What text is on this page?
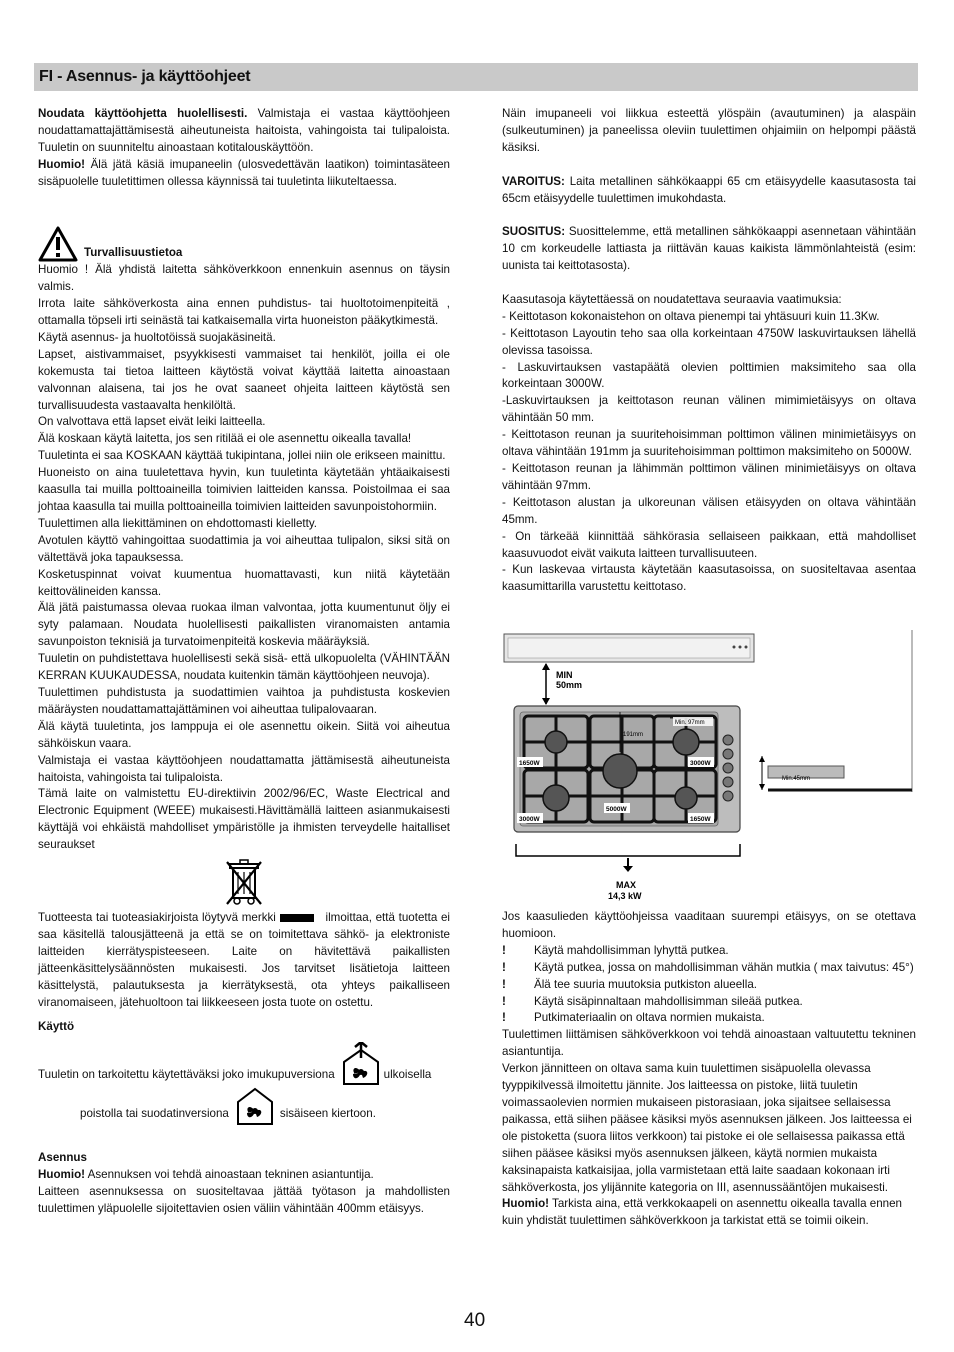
FI - Asennus- ja käyttöohjeet

Noudata käyttöohjetta huolellisesti. Valmistaja ei vastaa käyttöohjeen noudattamattajättämisestä aiheutuneista haitoista, vahingoista tai tulipaloista. Tuuletin on suunniteltu ainoastaan kotitalouskäyttöön.

Huomio! Älä jätä käsiä imupaneelin (ulosvedettävän laatikon) toimintasäteen sisäpuolelle tuuletittimen ollessa käynnissä tai tuuletinta liikuteltaessa.

Turvallisuustietoa

Huomio ! Älä yhdistä laitetta sähköverkkoon ennenkuin asennus on täysin valmis.

Irrota laite sähköverkosta aina ennen puhdistus- tai huoltotoimenpiteitä , ottamalla töpseli irti seinästä tai katkaisemalla virta huoneiston pääkytkimestä.

Käytä asennus- ja huoltotöissä suojakäsineitä.

Lapset, aistivammaiset, psyykkisesti vammaiset tai henkilöt, joilla ei ole kokemusta tai tietoa laitteen käytöstä voivat käyttää laitetta ainoastaan valvonnan alaisena, tai jos he ovat saaneet ohjeita laitteen käytöstä sen turvallisuudesta vastaavalta henkilöltä.

On valvottava että lapset eivät leiki laitteella.

Älä koskaan käytä laitetta, jos sen ritilää ei ole asennettu oikealla tavalla!

Tuuletinta ei saa KOSKAAN käyttää tukipintana, jollei niin ole erikseen mainittu.

Huoneisto on aina tuuletettava hyvin, kun tuuletinta käytetään yhtäaikaisesti kaasulla tai muilla polttoaineilla toimivien laitteiden kanssa. Poistoilmaa ei saa johtaa kaasulla tai muilla polttoaineilla toimivien laitteiden savunpoistohormiin.

Tuulettimen alla liekittäminen on ehdottomasti kielletty.

Avotulen käyttö vahingoittaa suodattimia ja voi aiheuttaa tulipalon, siksi sitä on vältettävä joka tapauksessa.

Kosketuspinnat voivat kuumentua huomattavasti, kun niitä käytetään keittovälineiden kanssa.

Älä jätä paistumassa olevaa ruokaa ilman valvontaa, jotta kuumentunut öljy ei syty palamaan. Noudata huolellisesti paikallisten viranomaisten antamia savunpoiston teknisiä ja turvatoimenpiteitä koskevia määräyksiä.

Tuuletin on puhdistettava huolellisesti sekä sisä- että ulkopuolelta (VÄHINTÄÄN KERRAN KUUKAUDESSA, noudata kuitenkin tämän käyttöohjeen neuvoja).

Tuulettimen puhdistusta ja suodattimien vaihtoa ja puhdistusta koskevien määräysten noudattamattajättäminen voi aiheuttaa tulipalovaaran.

Älä käytä tuuletinta, jos lamppuja ei ole asennettu oikein. Siitä voi aiheutua sähköiskun vaara.

Valmistaja ei vastaa käyttöohjeen noudattamatta jättämisestä aiheutuneista haitoista, vahingoista tai tulipaloista.

Tämä laite on valmistettu EU-direktiivin 2002/96/EC, Waste Electrical and Electronic Equipment (WEEE) mukaisesti.Hävittämällä laitteen asianmukaisesti käyttäjä voi ehkäistä mahdolliset ympäristölle ja ihmisten terveydelle haitalliset seuraukset

Tuotteesta tai tuoteasiakirjoista löytyvä merkki	ilmoittaa, että tuotetta ei saa käsitellä talousjätteenä ja että se on toimitettava sähkö- ja elektroniste laitteiden kierrätyspisteeseen. Laite on hävitettävä paikallisten jätteenkäsittelysäännösten mukaisesti. Jos tarvitset lisätietoja laitteen käsittelystä, palautuksesta ja kierrätyksestä, ota yhteys paikalliseen viranomaiseen, jätehuoltoon tai liikkeeseen josta tuote on ostettu.

Käyttö

Tuuletin on tarkoitettu käytettäväksi joko imukupuversiona	ulkoisella
poistolla tai suodatinversiona	sisäiseen kiertoon.

Asennus

Huomio! Asennuksen voi tehdä ainoastaan tekninen asiantuntija.

Laitteen asennuksessa on suositeltavaa jättää työtason ja mahdollisten tuulettimen yläpuolelle sijoitettavien osien väliin vähintään 400mm etäisyys.

Näin imupaneeli voi liikkua esteettä ylöspäin (avautuminen) ja alaspäin (sulkeutuminen) ja paneelissa oleviin tuulettimen ohjaimiin on helpompi päästä käsiksi.

VAROITUS: Laita metallinen sähkökaappi 65 cm etäisyydelle kaasutasosta tai 65cm etäisyydelle tuulettimen imukohdasta.

SUOSITUS: Suosittelemme, että metallinen sähkökaappi asennetaan vähintään 10 cm korkeudelle lattiasta ja riittävän kauas kaikista lämmönlahteistä (esim: uunista tai keittotasosta).

Kaasutasoja käytettäessä on noudatettava seuraavia vaatimuksia:

- Keittotason kokonaistehon on oltava pienempi tai yhtäsuuri kuin 11.3Kw.

- Keittotason Layoutin teho saa olla korkeintaan 4750W laskuvirtauksen lähellä olevissa tasoissa.

- Laskuvirtauksen vastapäätä olevien polttimien maksimiteho saa olla korkeintaan 3000W.

-Laskuvirtauksen ja keittotason reunan välinen mimimietäisyys on oltava vähintään 50 mm.

- Keittotason reunan ja suuritehoisimman polttimon välinen minimietäisyys on oltava vähintään 191mm ja suuritehoisimman polttimon maksimiteho on 5000W.

- Keittotason reunan ja lähimmän polttimon välinen minimietäisyys on oltava vähintään 97mm.

- Keittotason alustan ja ulkoreunan välisen etäisyyden on oltava vähintään 45mm.

- On tärkeää kiinnittää sähkörasia sellaiseen paikkaan, että mahdolliset kaasuvuodot eivät vaikuta laitteen turvallisuuteen.

- Kun laskevaa virtausta käytetään kaasutasoissa, on suositeltavaa asentaa kaasumittarilla varustettu keittotaso.

MIN
50mm
Min. 97mm
191mm
1650W	3000W
5000W
3000W	1650W
Min.45mm
MAX
14,3 kW

Jos kaasulieden käyttöohjeissa vaaditaan suurempi etäisyys, on se otettava huomioon.

!	Käytä mahdollisimman lyhyttä putkea.
!	Käytä putkea, jossa on mahdollisimman vähän mutkia ( max taivutus: 45°)
!	Älä tee suuria muutoksia putkiston alueella.
!	Käytä sisäpinnaltaan mahdollisimman sileää putkea.
!	Putkimateriaalin on oltava normien mukaista.

Tuulettimen liittämisen sähköverkkoon voi tehdä ainoastaan valtuutettu tekninen asiantuntija.

Verkon jännitteen on oltava sama kuin tuulettimen sisäpuolella olevassa tyyppikilvessä ilmoitettu jännite. Jos laitteessa on pistoke, liitä tuuletin voimassaolevien normien mukaiseen pistorasiaan, joka sijaitsee sellaisessa paikassa, että siihen pääsee käsiksi myös asennuksen jälkeen. Jos laitteessa ei ole pistoketta (suora liitos verkkoon) tai pistoke ei ole sellaisessa paikassa että siihen pääsee käsiksi myös asennuksen jälkeen, käytä normien mukaista kaksinapaista katkaisijaa, jolla varmistetaan että laite saadaan kokonaan irti sähköverkosta, jos ylijännite kategoria on III, asennussääntöjen mukaisesti.

Huomio! Tarkista aina, että verkkokaapeli on asennettu oikealla tavalla ennen kuin yhdistät tuulettimen sähköverkkoon ja tarkistat että se toimii oikein.

40
